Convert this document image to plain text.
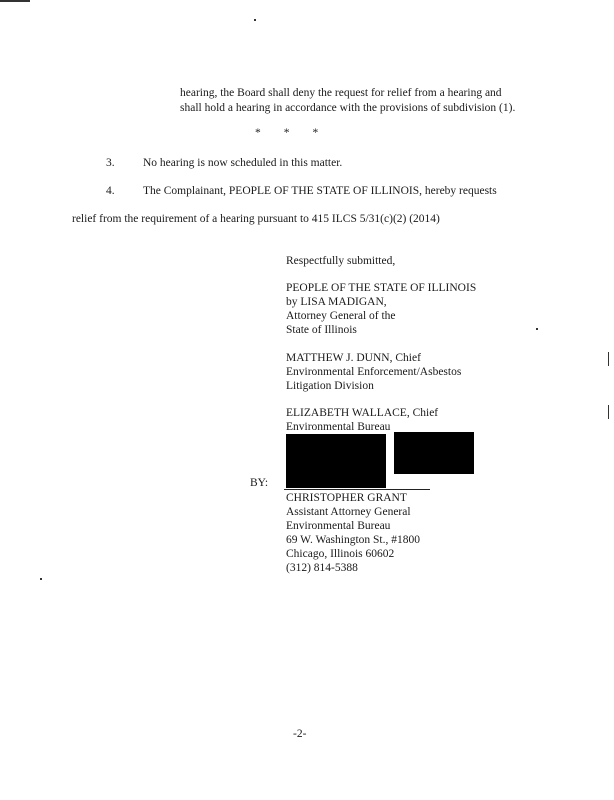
hearing, the Board shall deny the request for relief from a hearing and
shall hold a hearing in accordance with the provisions of subdivision (1).
*        *        *
3. No hearing is now scheduled in this matter.
4. The Complainant, PEOPLE OF THE STATE OF ILLINOIS, hereby requests
relief from the requirement of a hearing pursuant to 415 ILCS 5/31(c)(2) (2014)
Respectfully submitted,
PEOPLE OF THE STATE OF ILLINOIS
by LISA MADIGAN,
Attorney General of the
State of Illinois
MATTHEW J. DUNN, Chief
Environmental Enforcement/Asbestos
Litigation Division
ELIZABETH WALLACE, Chief
Environmental Bureau
BY:
CHRISTOPHER GRANT
Assistant Attorney General
Environmental Bureau
69 W. Washington St., #1800
Chicago, Illinois 60602
(312) 814-5388
-2-
